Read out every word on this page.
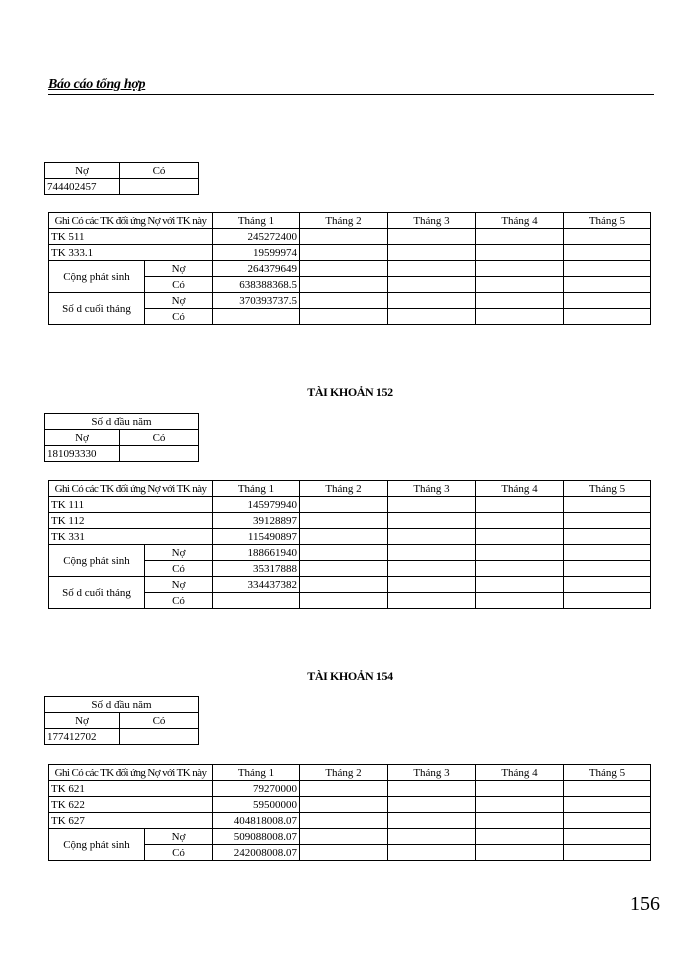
Báo cáo tổng hợp
Nợ	Có
744402457	
Ghi Có các TK đối ứng Nợ với TK này		Tháng 1	Tháng 2	Tháng 3	Tháng 4	Tháng 5
TK 511		245272400				
TK 333.1		19599974				
Cộng phát sinh	Nợ	264379649				
	Có	638388368.5				
Số d cuối tháng	Nợ	370393737.5				
	Có					
TÀI KHOẢN 152
Số d đầu năm	
Nợ	Có
181093330	
Ghi Có các TK đối ứng Nợ với TK này		Tháng 1	Tháng 2	Tháng 3	Tháng 4	Tháng 5
TK 111		145979940				
TK 112		39128897				
TK 331		115490897				
Cộng phát sinh	Nợ	188661940				
	Có	35317888				
Số d cuối tháng	Nợ	334437382				
	Có					
TÀI KHOẢN 154
Số d đầu năm	
Nợ	Có
177412702	
Ghi Có các TK đối ứng Nợ với TK này		Tháng 1	Tháng 2	Tháng 3	Tháng 4	Tháng 5
TK 621		79270000				
TK 622		59500000				
TK 627		404818008.07				
Cộng phát sinh	Nợ	509088008.07				
	Có	242008008.07				
156
